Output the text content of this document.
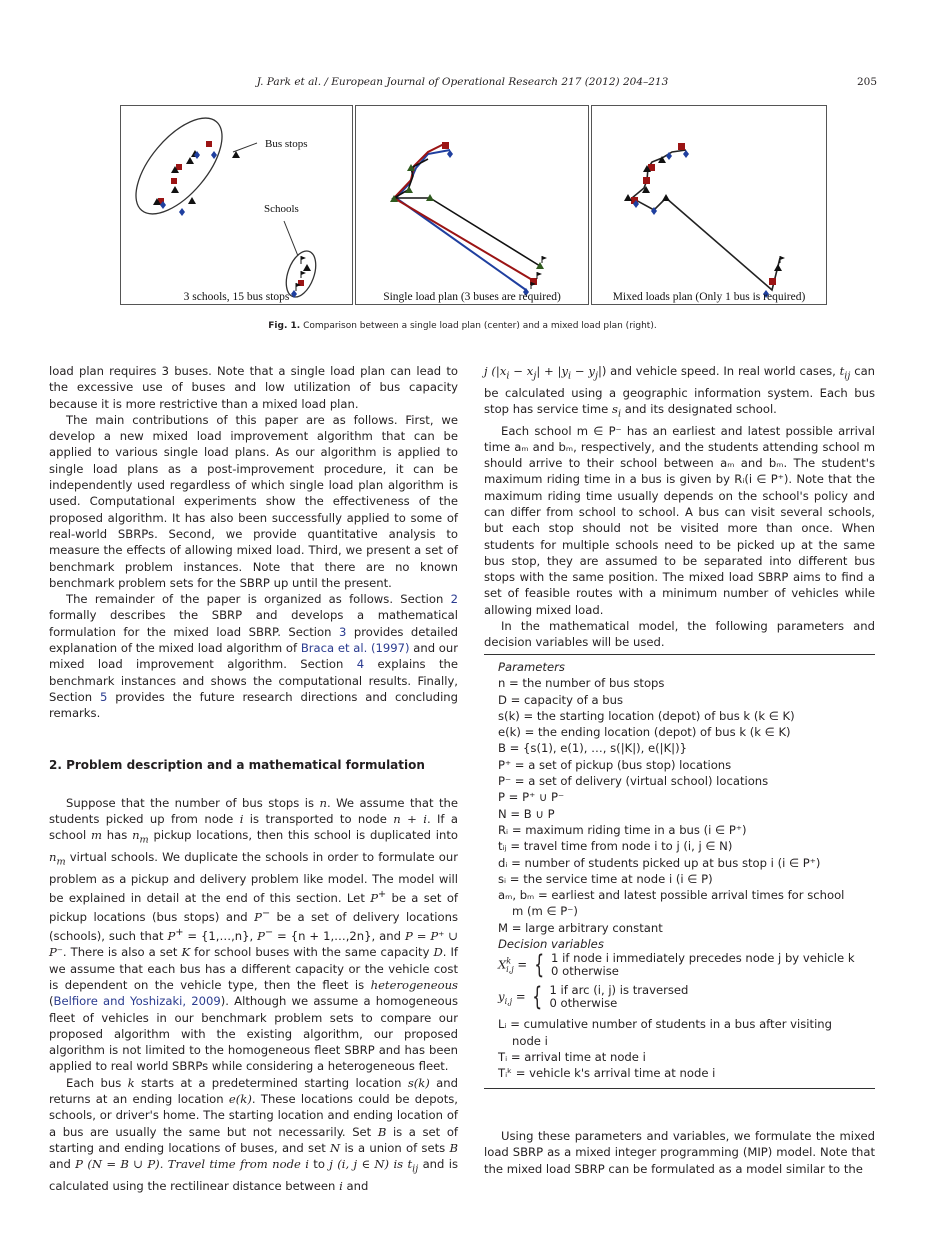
J. Park et al. / European Journal of Operational Research 217 (2012) 204–213	205
Bus stops
Schools
3 schools, 15 bus stops	Single load plan (3 buses are required)	Mixed loads plan (Only 1 bus is required)
Fig. 1. Comparison between a single load plan (center) and a mixed load plan (right).

load plan requires 3 buses. Note that a single load plan can lead to the excessive use of buses and low utilization of bus capacity because it is more restrictive than a mixed load plan.

The main contributions of this paper are as follows. First, we develop a new mixed load improvement algorithm that can be applied to various single load plans. As our algorithm is applied to single load plans as a post-improvement procedure, it can be independently used regardless of which single load plan algorithm is used. Computational experiments show the effectiveness of the proposed algorithm. It has also been successfully applied to some of real-world SBRPs. Second, we provide quantitative analysis to measure the effects of allowing mixed load. Third, we present a set of benchmark problem instances. Note that there are no known benchmark problem sets for the SBRP up until the present.

The remainder of the paper is organized as follows. Section 2 formally describes the SBRP and develops a mathematical formulation for the mixed load SBRP. Section 3 provides detailed explanation of the mixed load algorithm of Braca et al. (1997) and our mixed load improvement algorithm. Section 4 explains the benchmark instances and shows the computational results. Finally, Section 5 provides the future research directions and concluding remarks.

2. Problem description and a mathematical formulation

Suppose that the number of bus stops is n. We assume that the students picked up from node i is transported to node n + i. If a school m has $n_m$ pickup locations, then this school is duplicated into $n_m$ virtual schools. We duplicate the schools in order to formulate our problem as a pickup and delivery problem like model. The model will be explained in detail at the end of this section. Let P+ be a set of pickup locations (bus stops) and P− be a set of delivery locations (schools), such that P+ = {1,…,n}, P− = {n + 1,…,2n}, and P = P⁺ ∪ P⁻. There is also a set K for school buses with the same capacity D. If we assume that each bus has a different capacity or the vehicle cost is dependent on the vehicle type, then the fleet is heterogeneous (Belfiore and Yoshizaki, 2009). Although we assume a homogeneous fleet of vehicles in our benchmark problem sets to compare our proposed algorithm with the existing algorithm, our proposed algorithm is not limited to the homogeneous fleet SBRP and has been applied to real world SBRPs while considering a heterogeneous fleet.

Each bus k starts at a predetermined starting location s(k) and returns at an ending location e(k). These locations could be depots, schools, or driver's home. The starting location and ending location of a bus are usually the same but not necessarily. Set B is a set of starting and ending locations of buses, and set N is a union of sets B and P (N = B ∪ P). Travel time from node i to j (i, j ∈ N) is $t_{ij}$ and is calculated using the rectilinear distance between i and

j $(|x_i - x_j| + |y_i - y_j|)$ and vehicle speed. In real world cases, $t_{ij}$ can be calculated using a geographic information system. Each bus stop has service time $s_i$ and its designated school.

Each school m ∈ P⁻ has an earliest and latest possible arrival time aₘ and bₘ, respectively, and the students attending school m should arrive to their school between aₘ and bₘ. The student's maximum riding time in a bus is given by Rᵢ(i ∈ P⁺). Note that the maximum riding time usually depends on the school's policy and can differ from school to school. A bus can visit several schools, but each stop should not be visited more than once. When students for multiple schools need to be picked up at the same bus stop, they are assumed to be separated into different bus stops with the same position. The mixed load SBRP aims to find a set of feasible routes with a minimum number of vehicles while allowing mixed load.

In the mathematical model, the following parameters and decision variables will be used.

Parameters
n = the number of bus stops
D = capacity of a bus
s(k) = the starting location (depot) of bus k (k ∈ K)
e(k) = the ending location (depot) of bus k (k ∈ K)
B = {s(1), e(1), …, s(|K|), e(|K|)}
P⁺ = a set of pickup (bus stop) locations
P⁻ = a set of delivery (virtual school) locations
P = P⁺ ∪ P⁻
N = B ∪ P
Rᵢ = maximum riding time in a bus (i ∈ P⁺)
tᵢⱼ = travel time from node i to j (i, j ∈ N)
dᵢ = number of students picked up at bus stop i (i ∈ P⁺)
sᵢ = the service time at node i (i ∈ P)
aₘ, bₘ = earliest and latest possible arrival times for school
m (m ∈ P⁻)
M = large arbitrary constant
Decision variables
$X^k_{i,j}$ = { 1 if node i immediately precedes node j by vehicle k
0 otherwise
$y_{i,j}$ = { 1 if arc (i, j) is traversed
0 otherwise
Lᵢ = cumulative number of students in a bus after visiting
node i
Tᵢ = arrival time at node i
Tᵢᵏ = vehicle k's arrival time at node i

Using these parameters and variables, we formulate the mixed load SBRP as a mixed integer programming (MIP) model. Note that the mixed load SBRP can be formulated as a model similar to the
